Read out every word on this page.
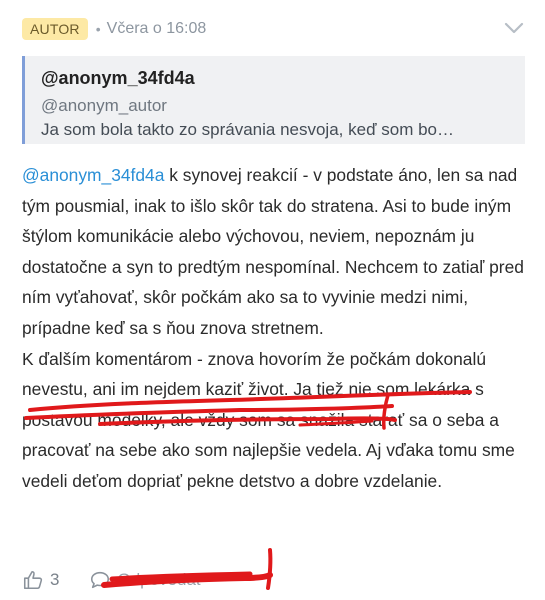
AUTOR	• Včera o 16:08
@anonym_34fd4a
@anonym_autor
Ja som bola takto zo správania nesvoja, keď som bo…
@anonym_34fd4a k synovej reakcií - v podstate áno, len sa nad tým pousmial, inak to išlo skôr tak do stratena. Asi to bude iným štýlom komunikácie alebo výchovou, neviem, nepoznám ju dostatočne a syn to predtým nespomínal. Nechcem to zatiaľ pred ním vyťahovať, skôr počkám ako sa to vyvinie medzi nimi, prípadne keď sa s ňou znova stretnem.
K ďalším komentárom - znova hovorím že počkám dokonalú nevestu, ani im nejdem kaziť život. Ja tiež nie som lekárka s postavou modelky, ale vždy som sa snažila starať sa o seba a pracovať na sebe ako som najlepšie vedela. Aj vďaka tomu sme vedeli deťom dopriať pekne detstvo a dobre vzdelanie.
3	Odpovedať
